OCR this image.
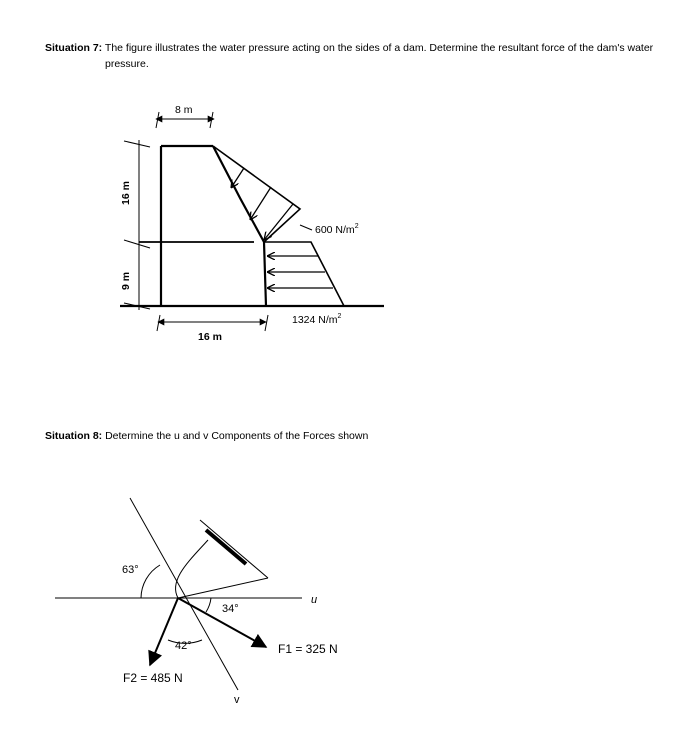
Situation 7: The figure illustrates the water pressure acting on the sides of a dam. Determine the resultant force of the dam's water
pressure.
8 m
16 m
9 m
600 $N/m^2$
1324 $N/m^2$
16 m
u
v
63°
34°
42°	F1 = 325 N
F2 = 485 N
Situation 8: Determine the u and v Components of the Forces shown
